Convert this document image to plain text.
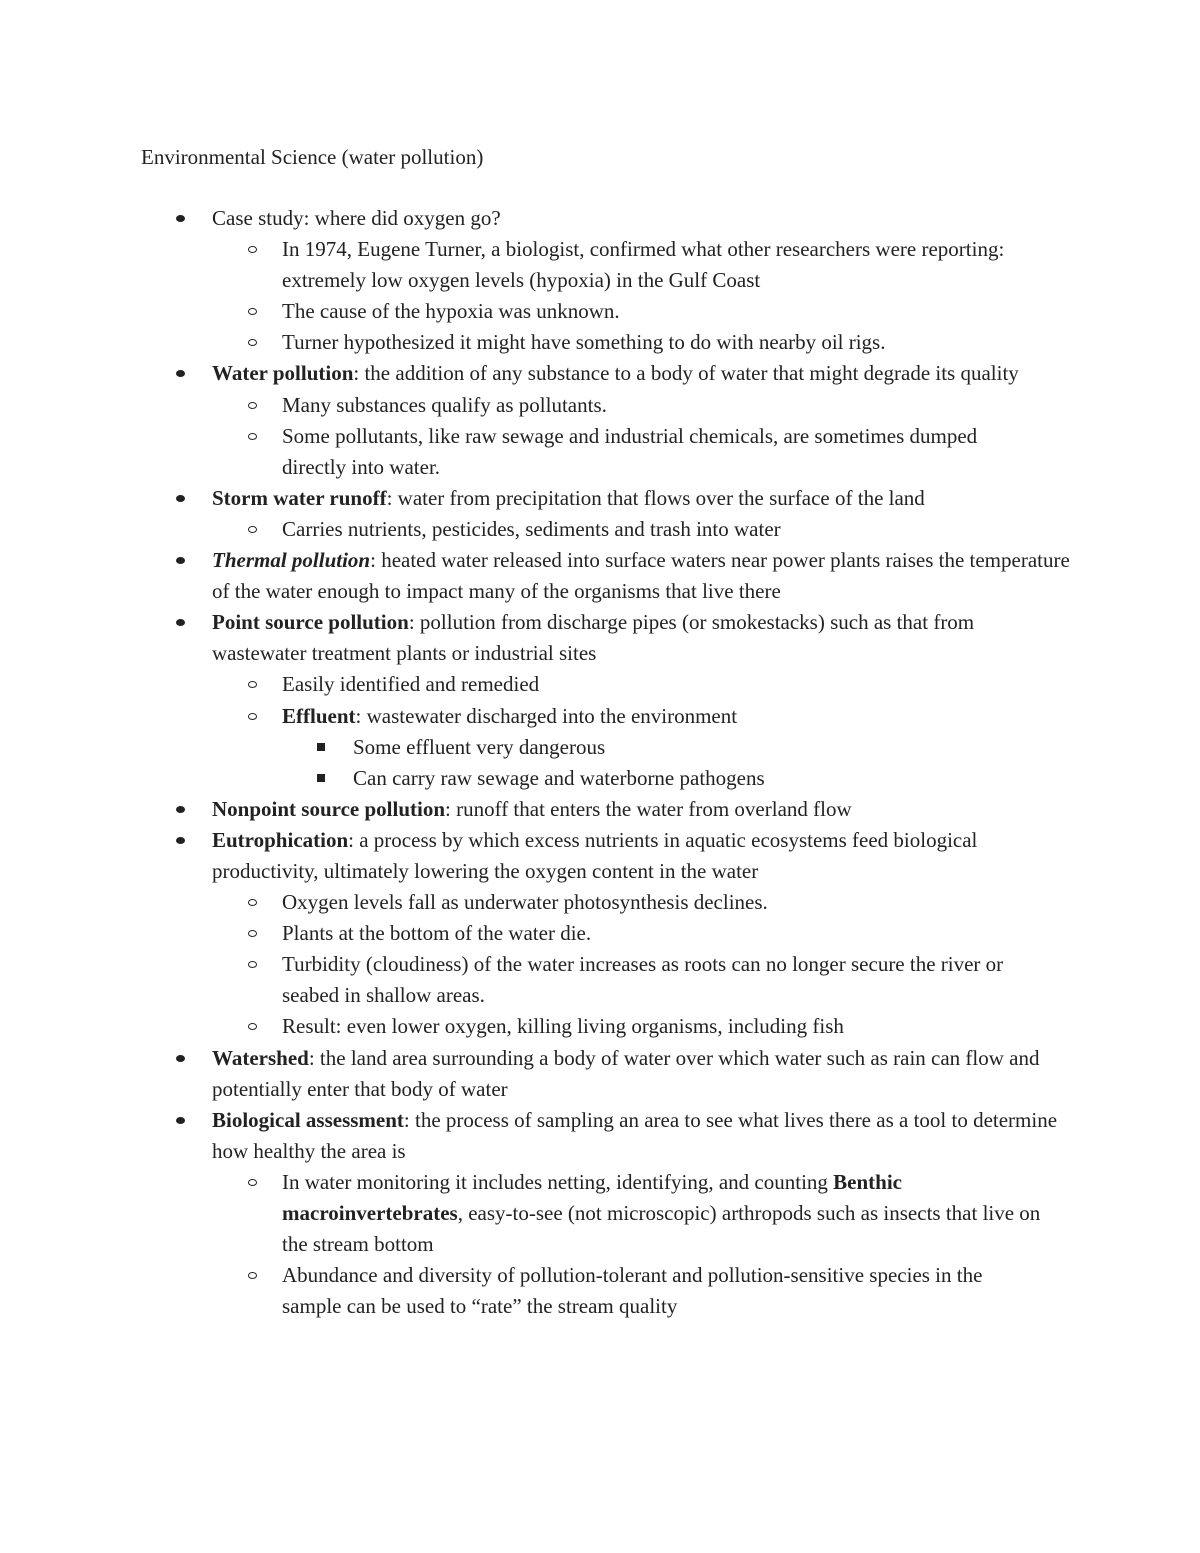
Environmental Science (water pollution)
Case study: where did oxygen go?
In 1974, Eugene Turner, a biologist, confirmed what other researchers were reporting: extremely low oxygen levels (hypoxia) in the Gulf Coast
The cause of the hypoxia was unknown.
Turner hypothesized it might have something to do with nearby oil rigs.
Water pollution: the addition of any substance to a body of water that might degrade its quality
Many substances qualify as pollutants.
Some pollutants, like raw sewage and industrial chemicals, are sometimes dumped directly into water.
Storm water runoff: water from precipitation that flows over the surface of the land
Carries nutrients, pesticides, sediments and trash into water
Thermal pollution: heated water released into surface waters near power plants raises the temperature of the water enough to impact many of the organisms that live there
Point source pollution: pollution from discharge pipes (or smokestacks) such as that from wastewater treatment plants or industrial sites
Easily identified and remedied
Effluent: wastewater discharged into the environment
Some effluent very dangerous
Can carry raw sewage and waterborne pathogens
Nonpoint source pollution: runoff that enters the water from overland flow
Eutrophication: a process by which excess nutrients in aquatic ecosystems feed biological productivity, ultimately lowering the oxygen content in the water
Oxygen levels fall as underwater photosynthesis declines.
Plants at the bottom of the water die.
Turbidity (cloudiness) of the water increases as roots can no longer secure the river or seabed in shallow areas.
Result: even lower oxygen, killing living organisms, including fish
Watershed: the land area surrounding a body of water over which water such as rain can flow and potentially enter that body of water
Biological assessment: the process of sampling an area to see what lives there as a tool to determine how healthy the area is
In water monitoring it includes netting, identifying, and counting Benthic macroinvertebrates, easy-to-see (not microscopic) arthropods such as insects that live on the stream bottom
Abundance and diversity of pollution-tolerant and pollution-sensitive species in the sample can be used to “rate” the stream quality
